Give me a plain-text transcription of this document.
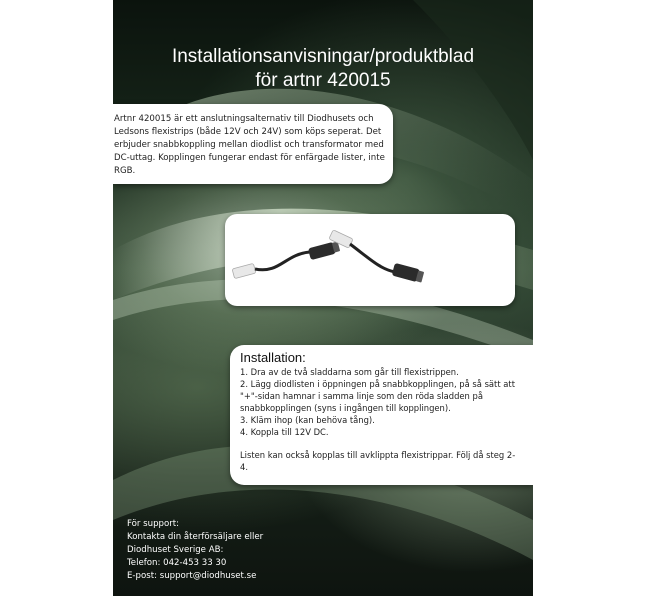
Installationsanvisningar/produktblad
för artnr 420015
Artnr 420015 är ett anslutningsalternativ till Diodhusets och Ledsons flexistrips (både 12V och 24V) som köps seperat. Det erbjuder snabbkoppling mellan diodlist och transformator med DC-uttag. Kopplingen fungerar endast för enfärgade lister, inte RGB.
Installation:
1. Dra av de två sladdarna som går till flexistrippen.
2. Lägg diodlisten i öppningen på snabbkopplingen, på så sätt att "+"-sidan hamnar i samma linje som den röda sladden på snabbkopplingen (syns i ingången till kopplingen).
3. Kläm ihop (kan behöva tång).
4. Koppla till 12V DC.
Listen kan också kopplas till avklippta flexistrippar. Följ då steg 2-4.
För support:
Kontakta din återförsäljare eller
Diodhuset Sverige AB:
Telefon: 042-453 33 30
E-post: support@diodhuset.se
